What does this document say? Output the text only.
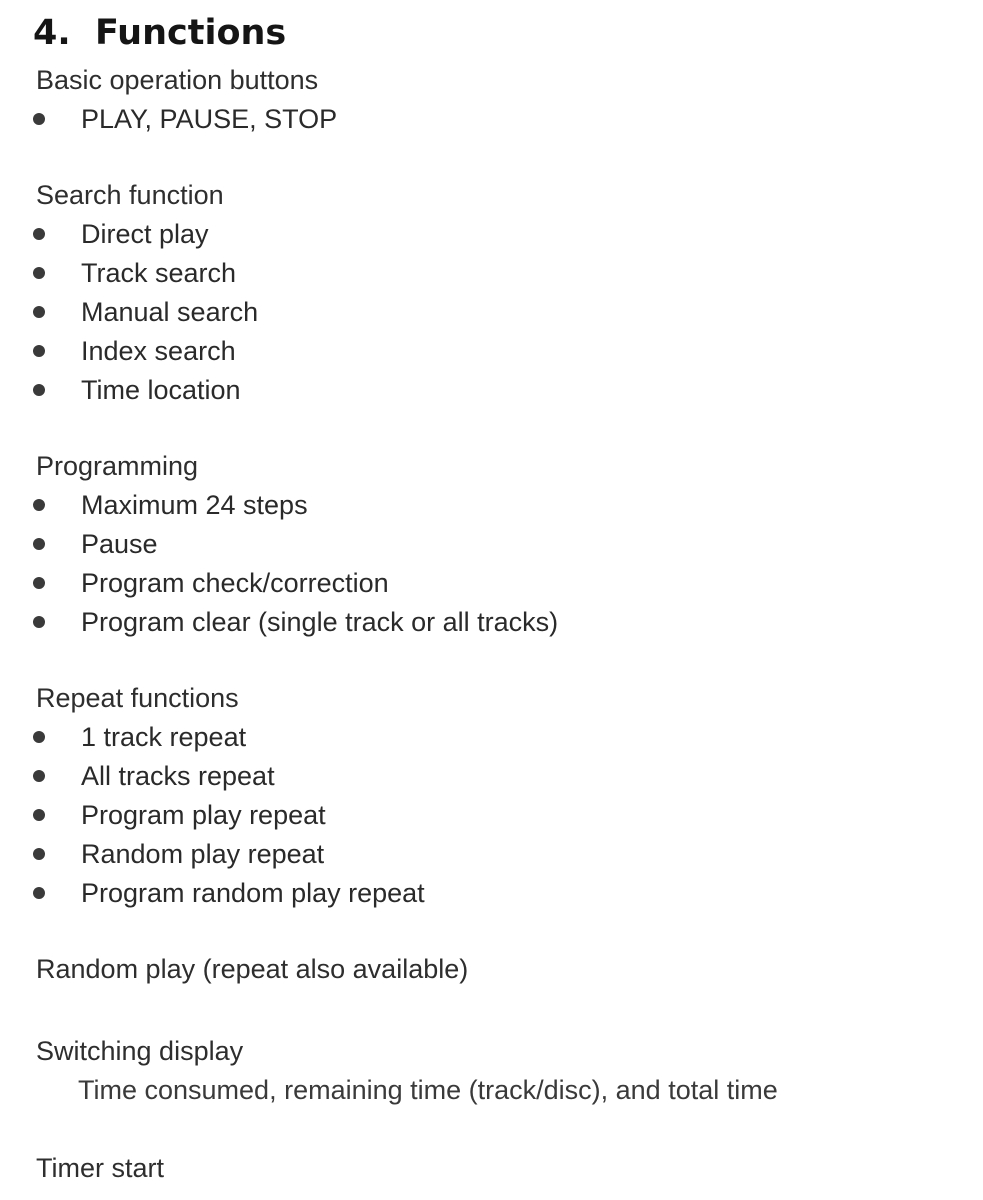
4. Functions
Basic operation buttons
PLAY, PAUSE, STOP
Search function
Direct play
Track search
Manual search
Index search
Time location
Programming
Maximum 24 steps
Pause
Program check/correction
Program clear (single track or all tracks)
Repeat functions
1 track repeat
All tracks repeat
Program play repeat
Random play repeat
Program random play repeat
Random play (repeat also available)
Switching display
Time consumed, remaining time (track/disc), and total time
Timer start
